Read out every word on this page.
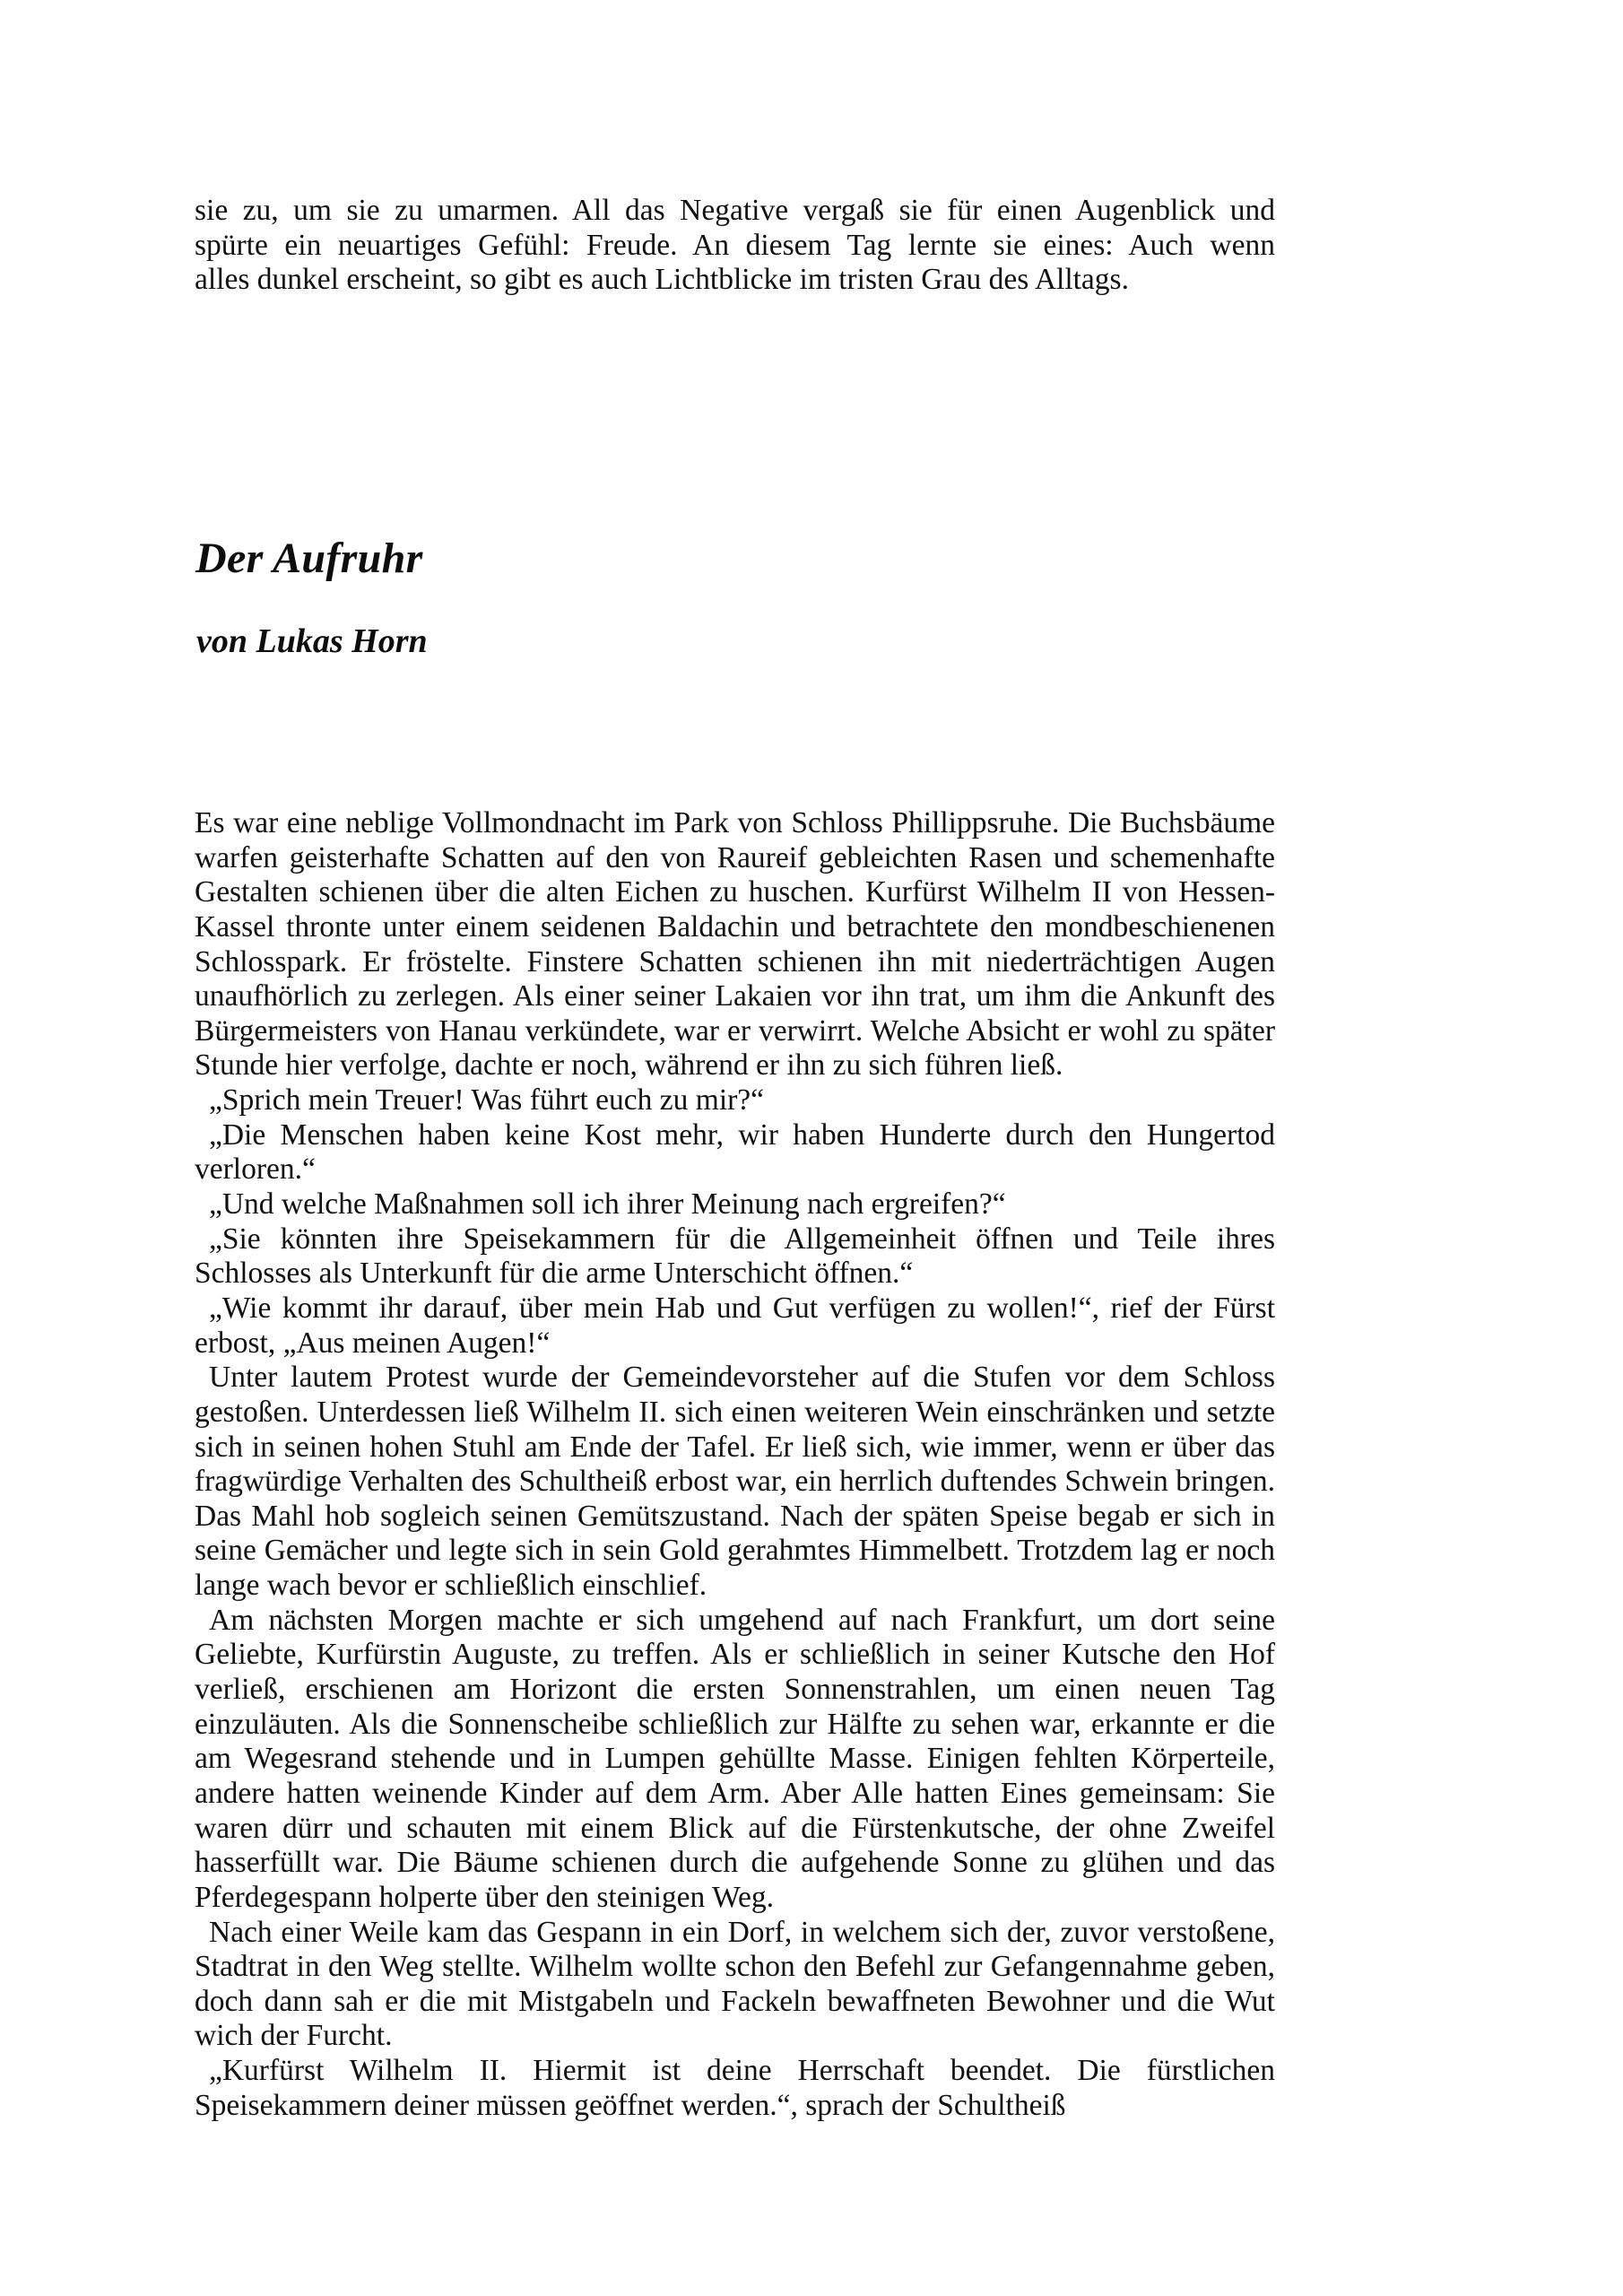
sie zu, um sie zu umarmen. All das Negative vergaß sie für einen Augenblick und
spürte ein neuartiges Gefühl: Freude. An diesem Tag lernte sie eines: Auch wenn
alles dunkel erscheint, so gibt es auch Lichtblicke im tristen Grau des Alltags.
Der Aufruhr
von Lukas Horn
Es war eine neblige Vollmondnacht im Park von Schloss Phillippsruhe. Die Buchsbäume
warfen geisterhafte Schatten auf den von Raureif gebleichten Rasen und schemenhafte
Gestalten schienen über die alten Eichen zu huschen. Kurfürst Wilhelm II von Hessen-
Kassel thronte unter einem seidenen Baldachin und betrachtete den mondbeschienenen
Schlosspark. Er fröstelte. Finstere Schatten schienen ihn mit niederträchtigen Augen
unaufhörlich zu zerlegen. Als einer seiner Lakaien vor ihn trat, um ihm die Ankunft des
Bürgermeisters von Hanau verkündete, war er verwirrt. Welche Absicht er wohl zu später
Stunde hier verfolge, dachte er noch, während er ihn zu sich führen ließ.
„Sprich mein Treuer! Was führt euch zu mir?“
„Die Menschen haben keine Kost mehr, wir haben Hunderte durch den Hungertod
verloren.“
„Und welche Maßnahmen soll ich ihrer Meinung nach ergreifen?“
„Sie könnten ihre Speisekammern für die Allgemeinheit öffnen und Teile ihres
Schlosses als Unterkunft für die arme Unterschicht öffnen.“
„Wie kommt ihr darauf, über mein Hab und Gut verfügen zu wollen!“, rief der Fürst
erbost, „Aus meinen Augen!“
Unter lautem Protest wurde der Gemeindevorsteher auf die Stufen vor dem Schloss
gestoßen. Unterdessen ließ Wilhelm II. sich einen weiteren Wein einschränken und setzte
sich in seinen hohen Stuhl am Ende der Tafel. Er ließ sich, wie immer, wenn er über das
fragwürdige Verhalten des Schultheiß erbost war, ein herrlich duftendes Schwein bringen.
Das Mahl hob sogleich seinen Gemütszustand. Nach der späten Speise begab er sich in
seine Gemächer und legte sich in sein Gold gerahmtes Himmelbett. Trotzdem lag er noch
lange wach bevor er schließlich einschlief.
Am nächsten Morgen machte er sich umgehend auf nach Frankfurt, um dort seine
Geliebte, Kurfürstin Auguste, zu treffen. Als er schließlich in seiner Kutsche den Hof
verließ, erschienen am Horizont die ersten Sonnenstrahlen, um einen neuen Tag
einzuläuten. Als die Sonnenscheibe schließlich zur Hälfte zu sehen war, erkannte er die
am Wegesrand stehende und in Lumpen gehüllte Masse. Einigen fehlten Körperteile,
andere hatten weinende Kinder auf dem Arm. Aber Alle hatten Eines gemeinsam: Sie
waren dürr und schauten mit einem Blick auf die Fürstenkutsche, der ohne Zweifel
hasserfüllt war. Die Bäume schienen durch die aufgehende Sonne zu glühen und das
Pferdegespann holperte über den steinigen Weg.
Nach einer Weile kam das Gespann in ein Dorf, in welchem sich der, zuvor verstoßene,
Stadtrat in den Weg stellte. Wilhelm wollte schon den Befehl zur Gefangennahme geben,
doch dann sah er die mit Mistgabeln und Fackeln bewaffneten Bewohner und die Wut
wich der Furcht.
„Kurfürst Wilhelm II. Hiermit ist deine Herrschaft beendet. Die fürstlichen
Speisekammern deiner müssen geöffnet werden.“, sprach der Schultheiß
